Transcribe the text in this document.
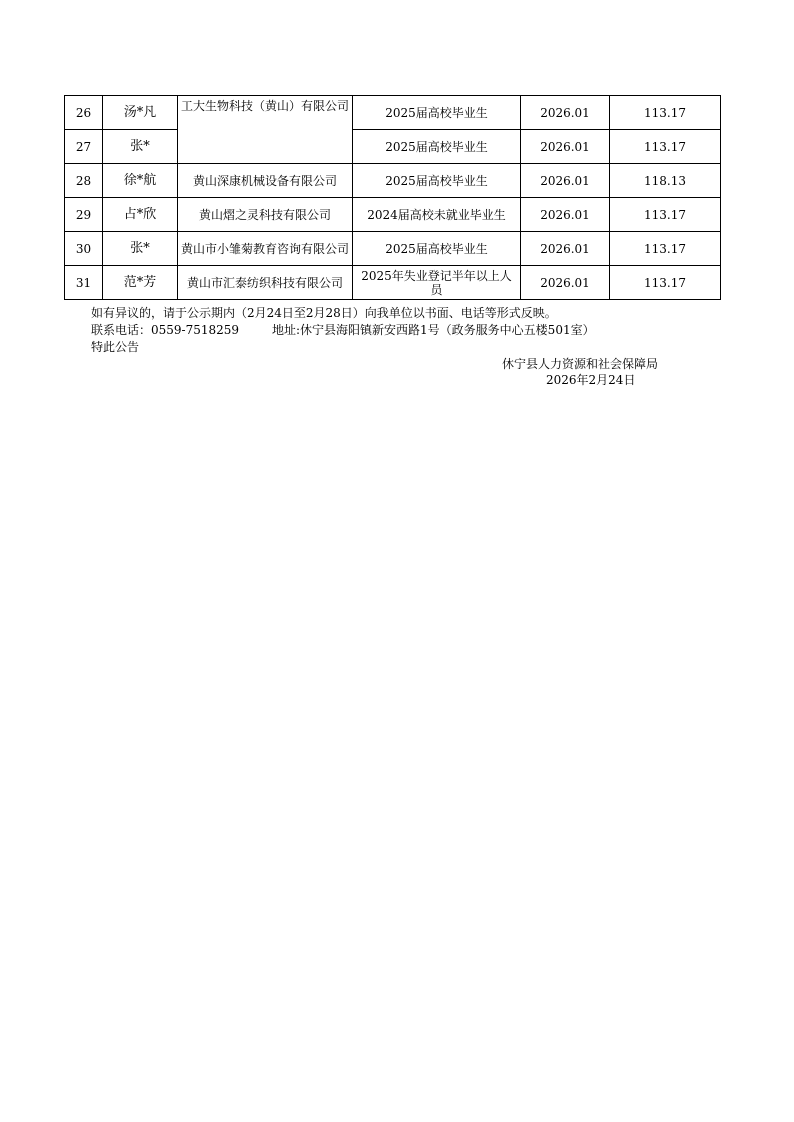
26	汤*凡	工大生物科技（黄山）有限公司	2025届高校毕业生	2026.01	113.17
27	张*		2025届高校毕业生	2026.01	113.17
28	徐*航	黄山深康机械设备有限公司	2025届高校毕业生	2026.01	118.13
29	占*欣	黄山熠之灵科技有限公司	2024届高校未就业毕业生	2026.01	113.17
30	张*	黄山市小雏菊教育咨询有限公司	2025届高校毕业生	2026.01	113.17
31	范*芳	黄山市汇泰纺织科技有限公司	2025年失业登记半年以上人员	2026.01	113.17
如有异议的，请于公示期内（2月24日至2月28日）向我单位以书面、电话等形式反映。
联系电话：0559-7518259	地址:休宁县海阳镇新安西路1号（政务服务中心五楼501室）
特此公告
休宁县人力资源和社会保障局
2026年2月24日
